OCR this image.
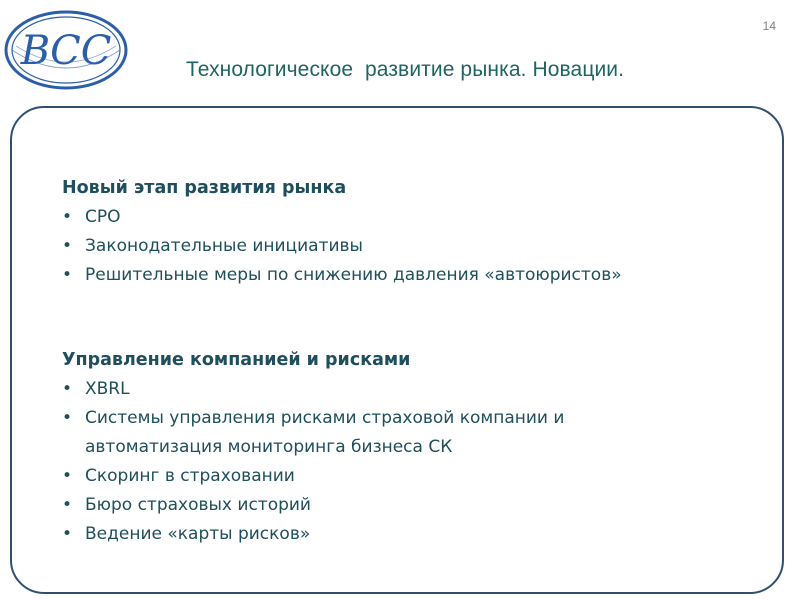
ВСС
14
Технологическое  развитие рынка. Новации.

Новый этап развития рынка

• СРО
• Законодательные инициативы
• Решительные меры по снижению давления «автоюристов»

Управление компанией и рисками

• XBRL
• Системы управления рисками страховой компании и
автоматизация мониторинга бизнеса СК
• Скоринг в страховании
• Бюро страховых историй
• Ведение «карты рисков»
